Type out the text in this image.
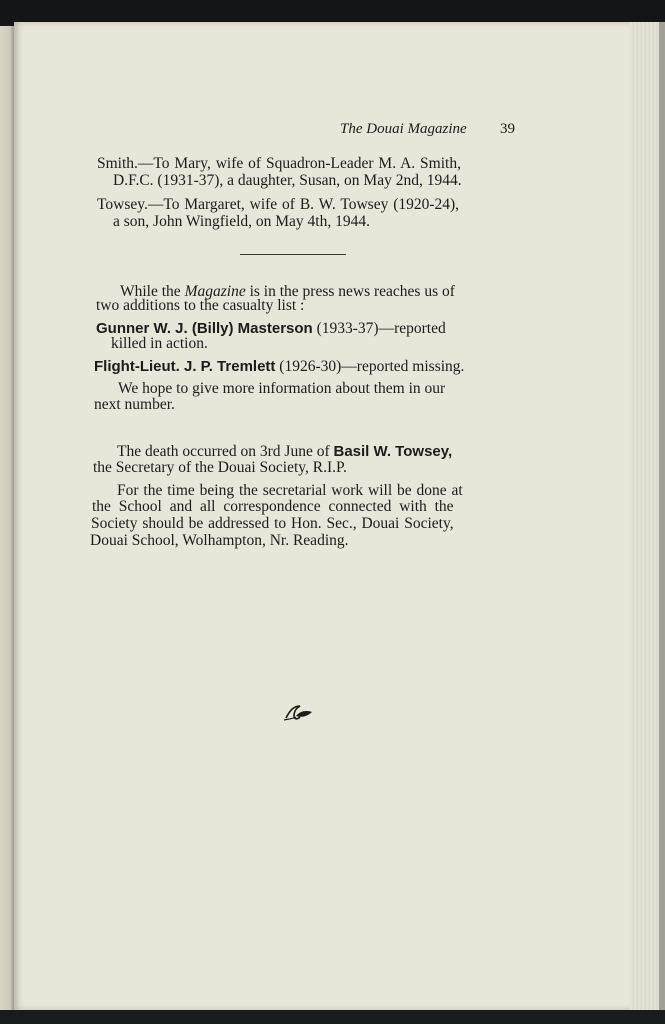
The Douai Magazine 39
Smith.—To Mary, wife of Squadron-Leader M. A. Smith,
D.F.C. (1931-37), a daughter, Susan, on May 2nd, 1944.
Towsey.—To Margaret, wife of B. W. Towsey (1920-24),
a son, John Wingfield, on May 4th, 1944.
While the Magazine is in the press news reaches us of
two additions to the casualty list :
Gunner W. J. (Billy) Masterson (1933-37)—reported
killed in action.
Flight-Lieut. J. P. Tremlett (1926-30)—reported missing.
We hope to give more information about them in our
next number.
The death occurred on 3rd June of Basil W. Towsey,
the Secretary of the Douai Society, R.I.P.
For the time being the secretarial work will be done at
the School and all correspondence connected with the
Society should be addressed to Hon. Sec., Douai Society,
Douai School, Wolhampton, Nr. Reading.
